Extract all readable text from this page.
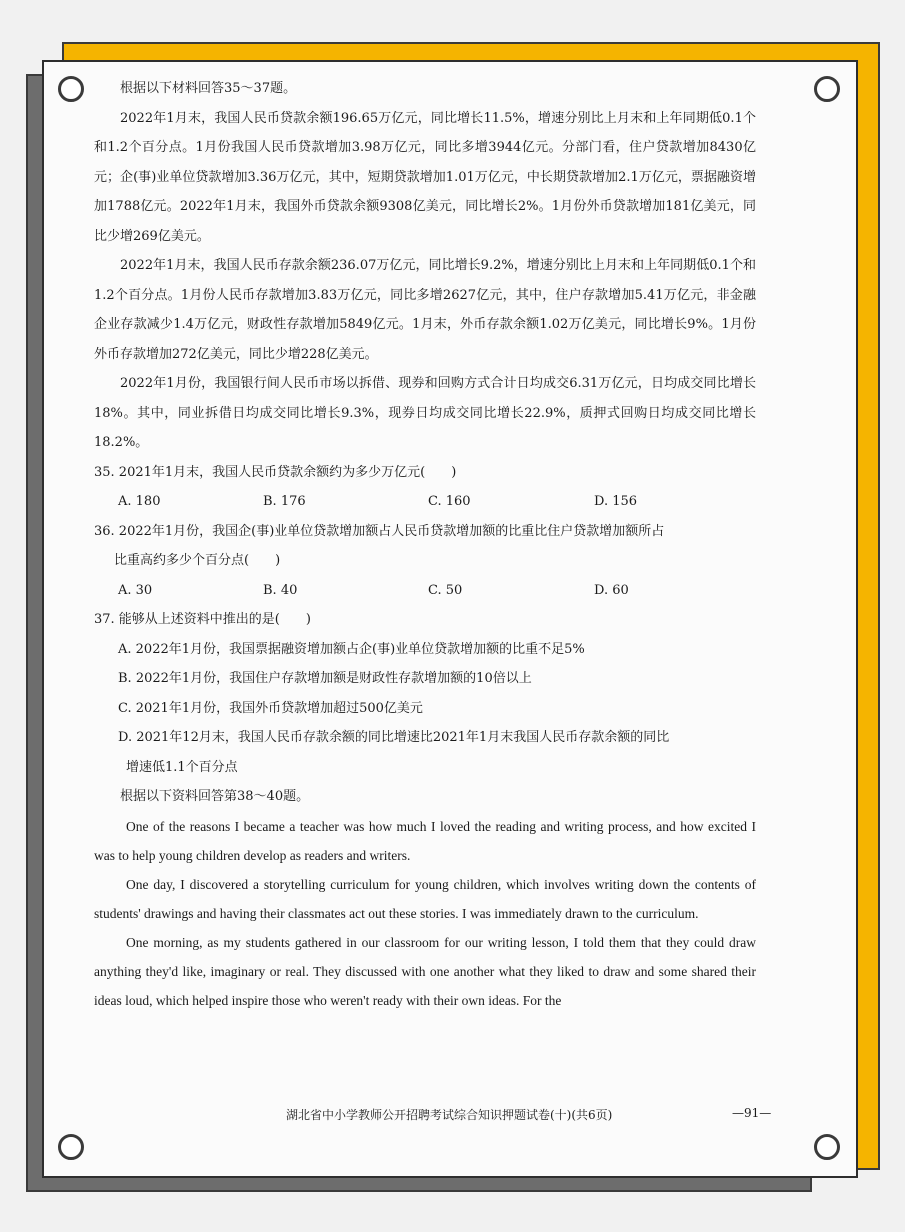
根据以下材料回答35～37题。

2022年1月末，我国人民币贷款余额196.65万亿元，同比增长11.5%，增速分别比上月末和上年同期低0.1个和1.2个百分点。1月份我国人民币贷款增加3.98万亿元，同比多增3944亿元。分部门看，住户贷款增加8430亿元；企(事)业单位贷款增加3.36万亿元，其中，短期贷款增加1.01万亿元，中长期贷款增加2.1万亿元，票据融资增加1788亿元。2022年1月末，我国外币贷款余额9308亿美元，同比增长2%。1月份外币贷款增加181亿美元，同比少增269亿美元。

2022年1月末，我国人民币存款余额236.07万亿元，同比增长9.2%，增速分别比上月末和上年同期低0.1个和1.2个百分点。1月份人民币存款增加3.83万亿元，同比多增2627亿元，其中，住户存款增加5.41万亿元，非金融企业存款减少1.4万亿元，财政性存款增加5849亿元。1月末，外币存款余额1.02万亿美元，同比增长9%。1月份外币存款增加272亿美元，同比少增228亿美元。

2022年1月份，我国银行间人民币市场以拆借、现券和回购方式合计日均成交6.31万亿元，日均成交同比增长18%。其中，同业拆借日均成交同比增长9.3%，现券日均成交同比增长22.9%，质押式回购日均成交同比增长18.2%。

35. 2021年1月末，我国人民币贷款余额约为多少万亿元(　　)
A. 180	B. 176	C. 160	D. 156
36. 2022年1月份，我国企(事)业单位贷款增加额占人民币贷款增加额的比重比住户贷款增加额所占
比重高约多少个百分点(　　)
A. 30	B. 40	C. 50	D. 60
37. 能够从上述资料中推出的是(　　)
A. 2022年1月份，我国票据融资增加额占企(事)业单位贷款增加额的比重不足5%
B. 2022年1月份，我国住户存款增加额是财政性存款增加额的10倍以上
C. 2021年1月份，我国外币贷款增加超过500亿美元
D. 2021年12月末，我国人民币存款余额的同比增速比2021年1月末我国人民币存款余额的同比
增速低1.1个百分点
根据以下资料回答第38～40题。

One of the reasons I became a teacher was how much I loved the reading and writing process, and how excited I was to help young children develop as readers and writers.

One day, I discovered a storytelling curriculum for young children, which involves writing down the contents of students' drawings and having their classmates act out these stories. I was immediately drawn to the curriculum.

One morning, as my students gathered in our classroom for our writing lesson, I told them that they could draw anything they'd like, imaginary or real. They discussed with one another what they liked to draw and some shared their ideas loud, which helped inspire those who weren't ready with their own ideas. For the

湖北省中小学教师公开招聘考试综合知识押题试卷(十)(共6页)	—91—
